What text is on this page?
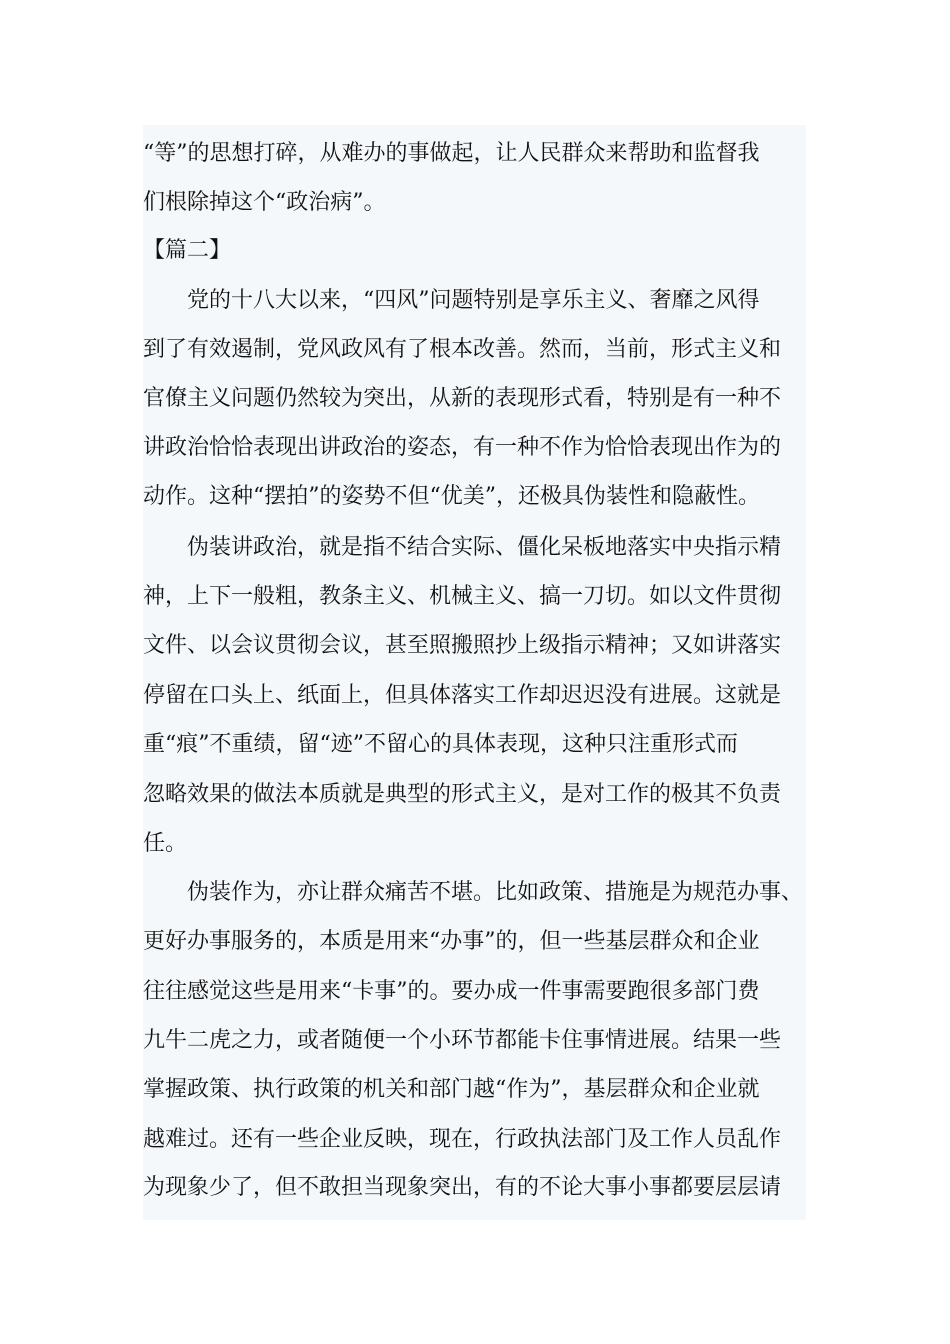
“等”的思想打碎，从难办的事做起，让人民群众来帮助和监督我
们根除掉这个“政治病”。
【篇二】
党的十八大以来，“四风”问题特别是享乐主义、奢靡之风得
到了有效遏制，党风政风有了根本改善。然而，当前，形式主义和
官僚主义问题仍然较为突出，从新的表现形式看，特别是有一种不
讲政治恰恰表现出讲政治的姿态，有一种不作为恰恰表现出作为的
动作。这种“摆拍”的姿势不但“优美”，还极具伪装性和隐蔽性。
伪装讲政治，就是指不结合实际、僵化呆板地落实中央指示精
神，上下一般粗，教条主义、机械主义、搞一刀切。如以文件贯彻
文件、以会议贯彻会议，甚至照搬照抄上级指示精神；又如讲落实
停留在口头上、纸面上，但具体落实工作却迟迟没有进展。这就是
重“痕”不重绩，留“迹”不留心的具体表现，这种只注重形式而
忽略效果的做法本质就是典型的形式主义，是对工作的极其不负责
任。
伪装作为，亦让群众痛苦不堪。比如政策、措施是为规范办事、
更好办事服务的，本质是用来“办事”的，但一些基层群众和企业
往往感觉这些是用来“卡事”的。要办成一件事需要跑很多部门费
九牛二虎之力，或者随便一个小环节都能卡住事情进展。结果一些
掌握政策、执行政策的机关和部门越“作为”，基层群众和企业就
越难过。还有一些企业反映，现在，行政执法部门及工作人员乱作
为现象少了，但不敢担当现象突出，有的不论大事小事都要层层请
